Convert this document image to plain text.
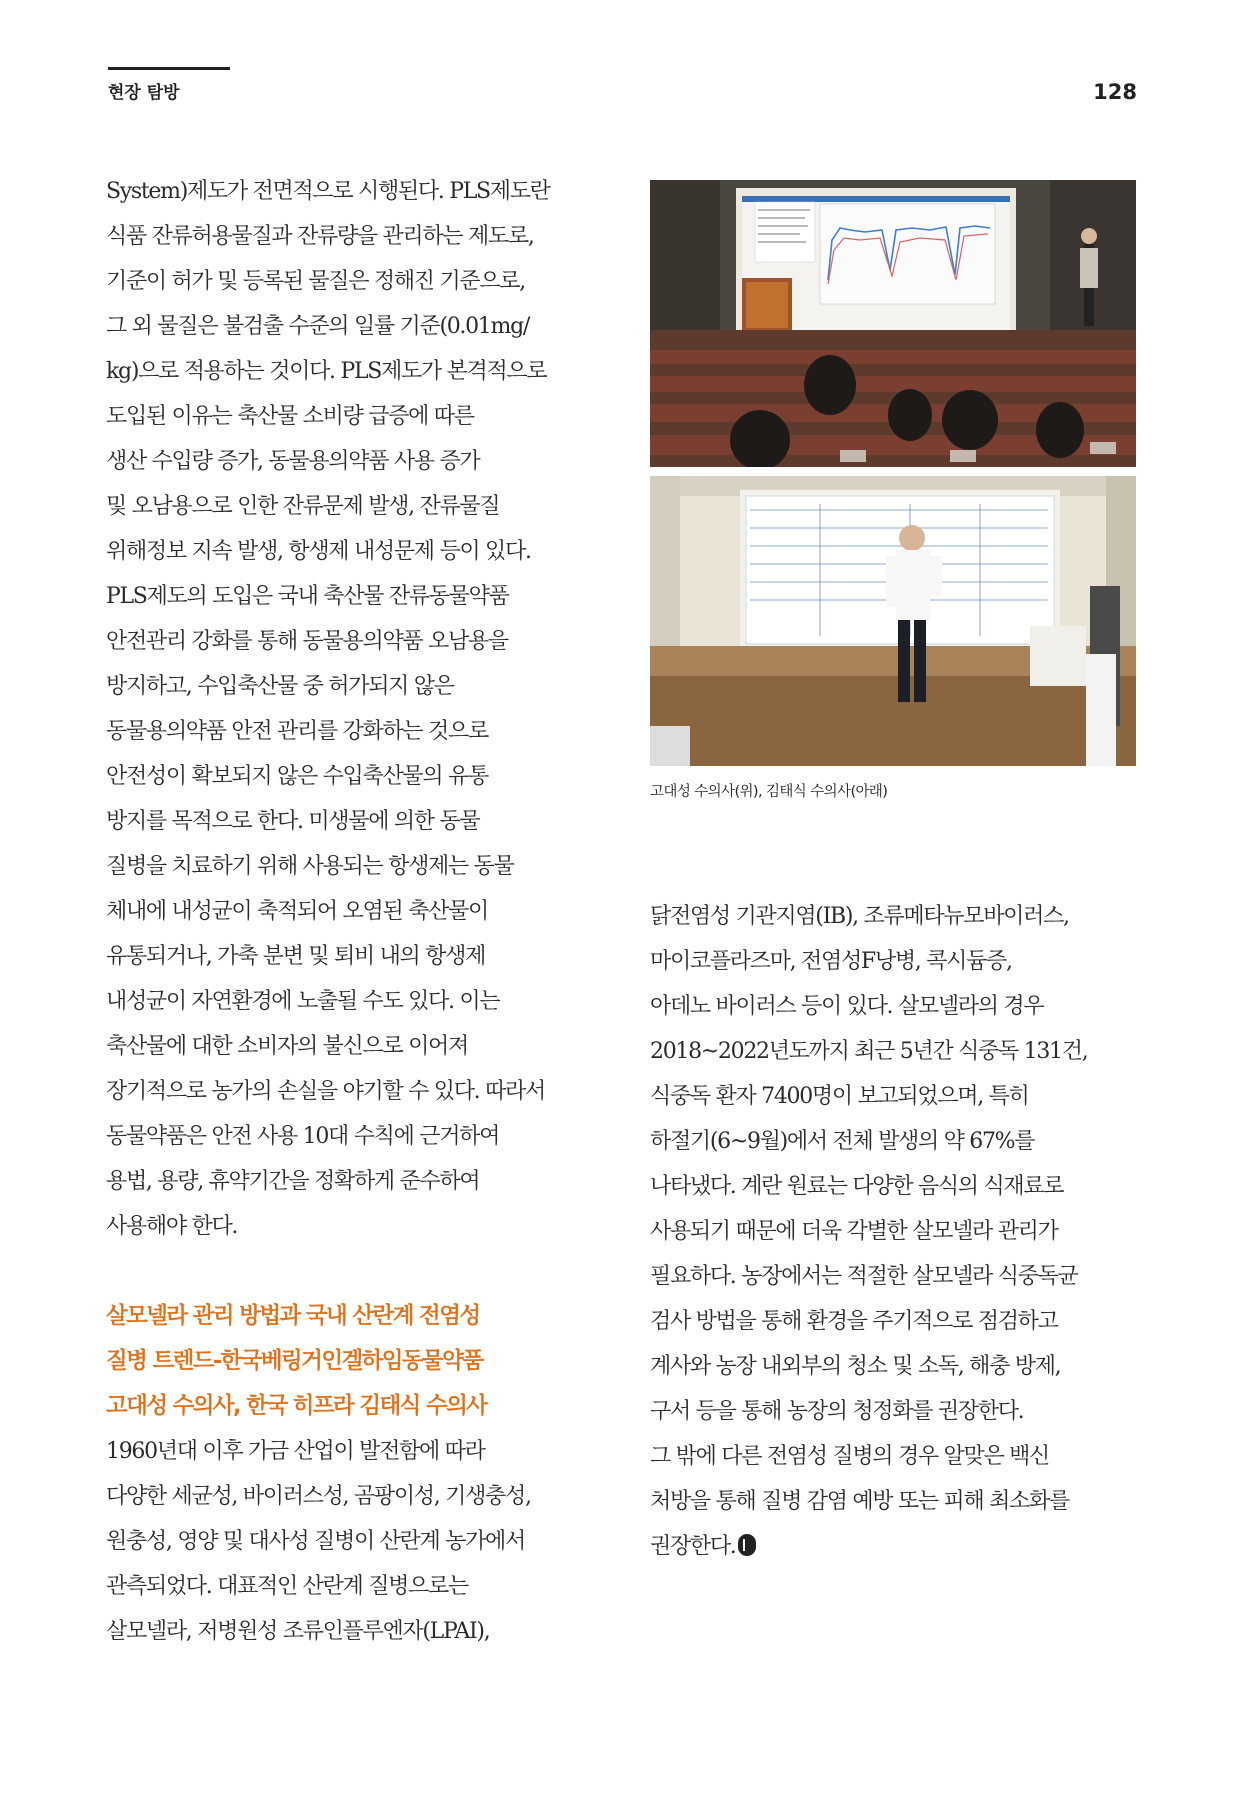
현장 탐방	128

System)제도가 전면적으로 시행된다. PLS제도란

식품 잔류허용물질과 잔류량을 관리하는 제도로,

기준이 허가 및 등록된 물질은 정해진 기준으로,

그 외 물질은 불검출 수준의 일률 기준(0.01mg/

kg)으로 적용하는 것이다. PLS제도가 본격적으로

도입된 이유는 축산물 소비량 급증에 따른

생산 수입량 증가, 동물용의약품 사용 증가

및 오남용으로 인한 잔류문제 발생, 잔류물질

위해정보 지속 발생, 항생제 내성문제 등이 있다.

PLS제도의 도입은 국내 축산물 잔류동물약품

안전관리 강화를 통해 동물용의약품 오남용을

방지하고, 수입축산물 중 허가되지 않은

동물용의약품 안전 관리를 강화하는 것으로

안전성이 확보되지 않은 수입축산물의 유통

방지를 목적으로 한다. 미생물에 의한 동물

질병을 치료하기 위해 사용되는 항생제는 동물

체내에 내성균이 축적되어 오염된 축산물이

유통되거나, 가축 분변 및 퇴비 내의 항생제

내성균이 자연환경에 노출될 수도 있다. 이는

축산물에 대한 소비자의 불신으로 이어져

장기적으로 농가의 손실을 야기할 수 있다. 따라서

동물약품은 안전 사용 10대 수칙에 근거하여

용법, 용량, 휴약기간을 정확하게 준수하여

사용해야 한다.

살모넬라 관리 방법과 국내 산란계 전염성

질병 트렌드-한국베링거인겔하임동물약품

고대성 수의사, 한국 히프라 김태식 수의사

1960년대 이후 가금 산업이 발전함에 따라

다양한 세균성, 바이러스성, 곰팡이성, 기생충성,

원충성, 영양 및 대사성 질병이 산란계 농가에서

관측되었다. 대표적인 산란계 질병으로는

살모넬라, 저병원성 조류인플루엔자(LPAI),

고대성 수의사(위), 김태식 수의사(아래)

닭전염성 기관지염(IB), 조류메타뉴모바이러스,

마이코플라즈마, 전염성F낭병, 콕시듐증,

아데노 바이러스 등이 있다. 살모넬라의 경우

2018~2022년도까지 최근 5년간 식중독 131건,

식중독 환자 7400명이 보고되었으며, 특히

하절기(6~9월)에서 전체 발생의 약 67%를

나타냈다. 계란 원료는 다양한 음식의 식재료로

사용되기 때문에 더욱 각별한 살모넬라 관리가

필요하다. 농장에서는 적절한 살모넬라 식중독균

검사 방법을 통해 환경을 주기적으로 점검하고

계사와 농장 내외부의 청소 및 소독, 해충 방제,

구서 등을 통해 농장의 청정화를 권장한다.

그 밖에 다른 전염성 질병의 경우 알맞은 백신

처방을 통해 질병 감염 예방 또는 피해 최소화를

권장한다.
